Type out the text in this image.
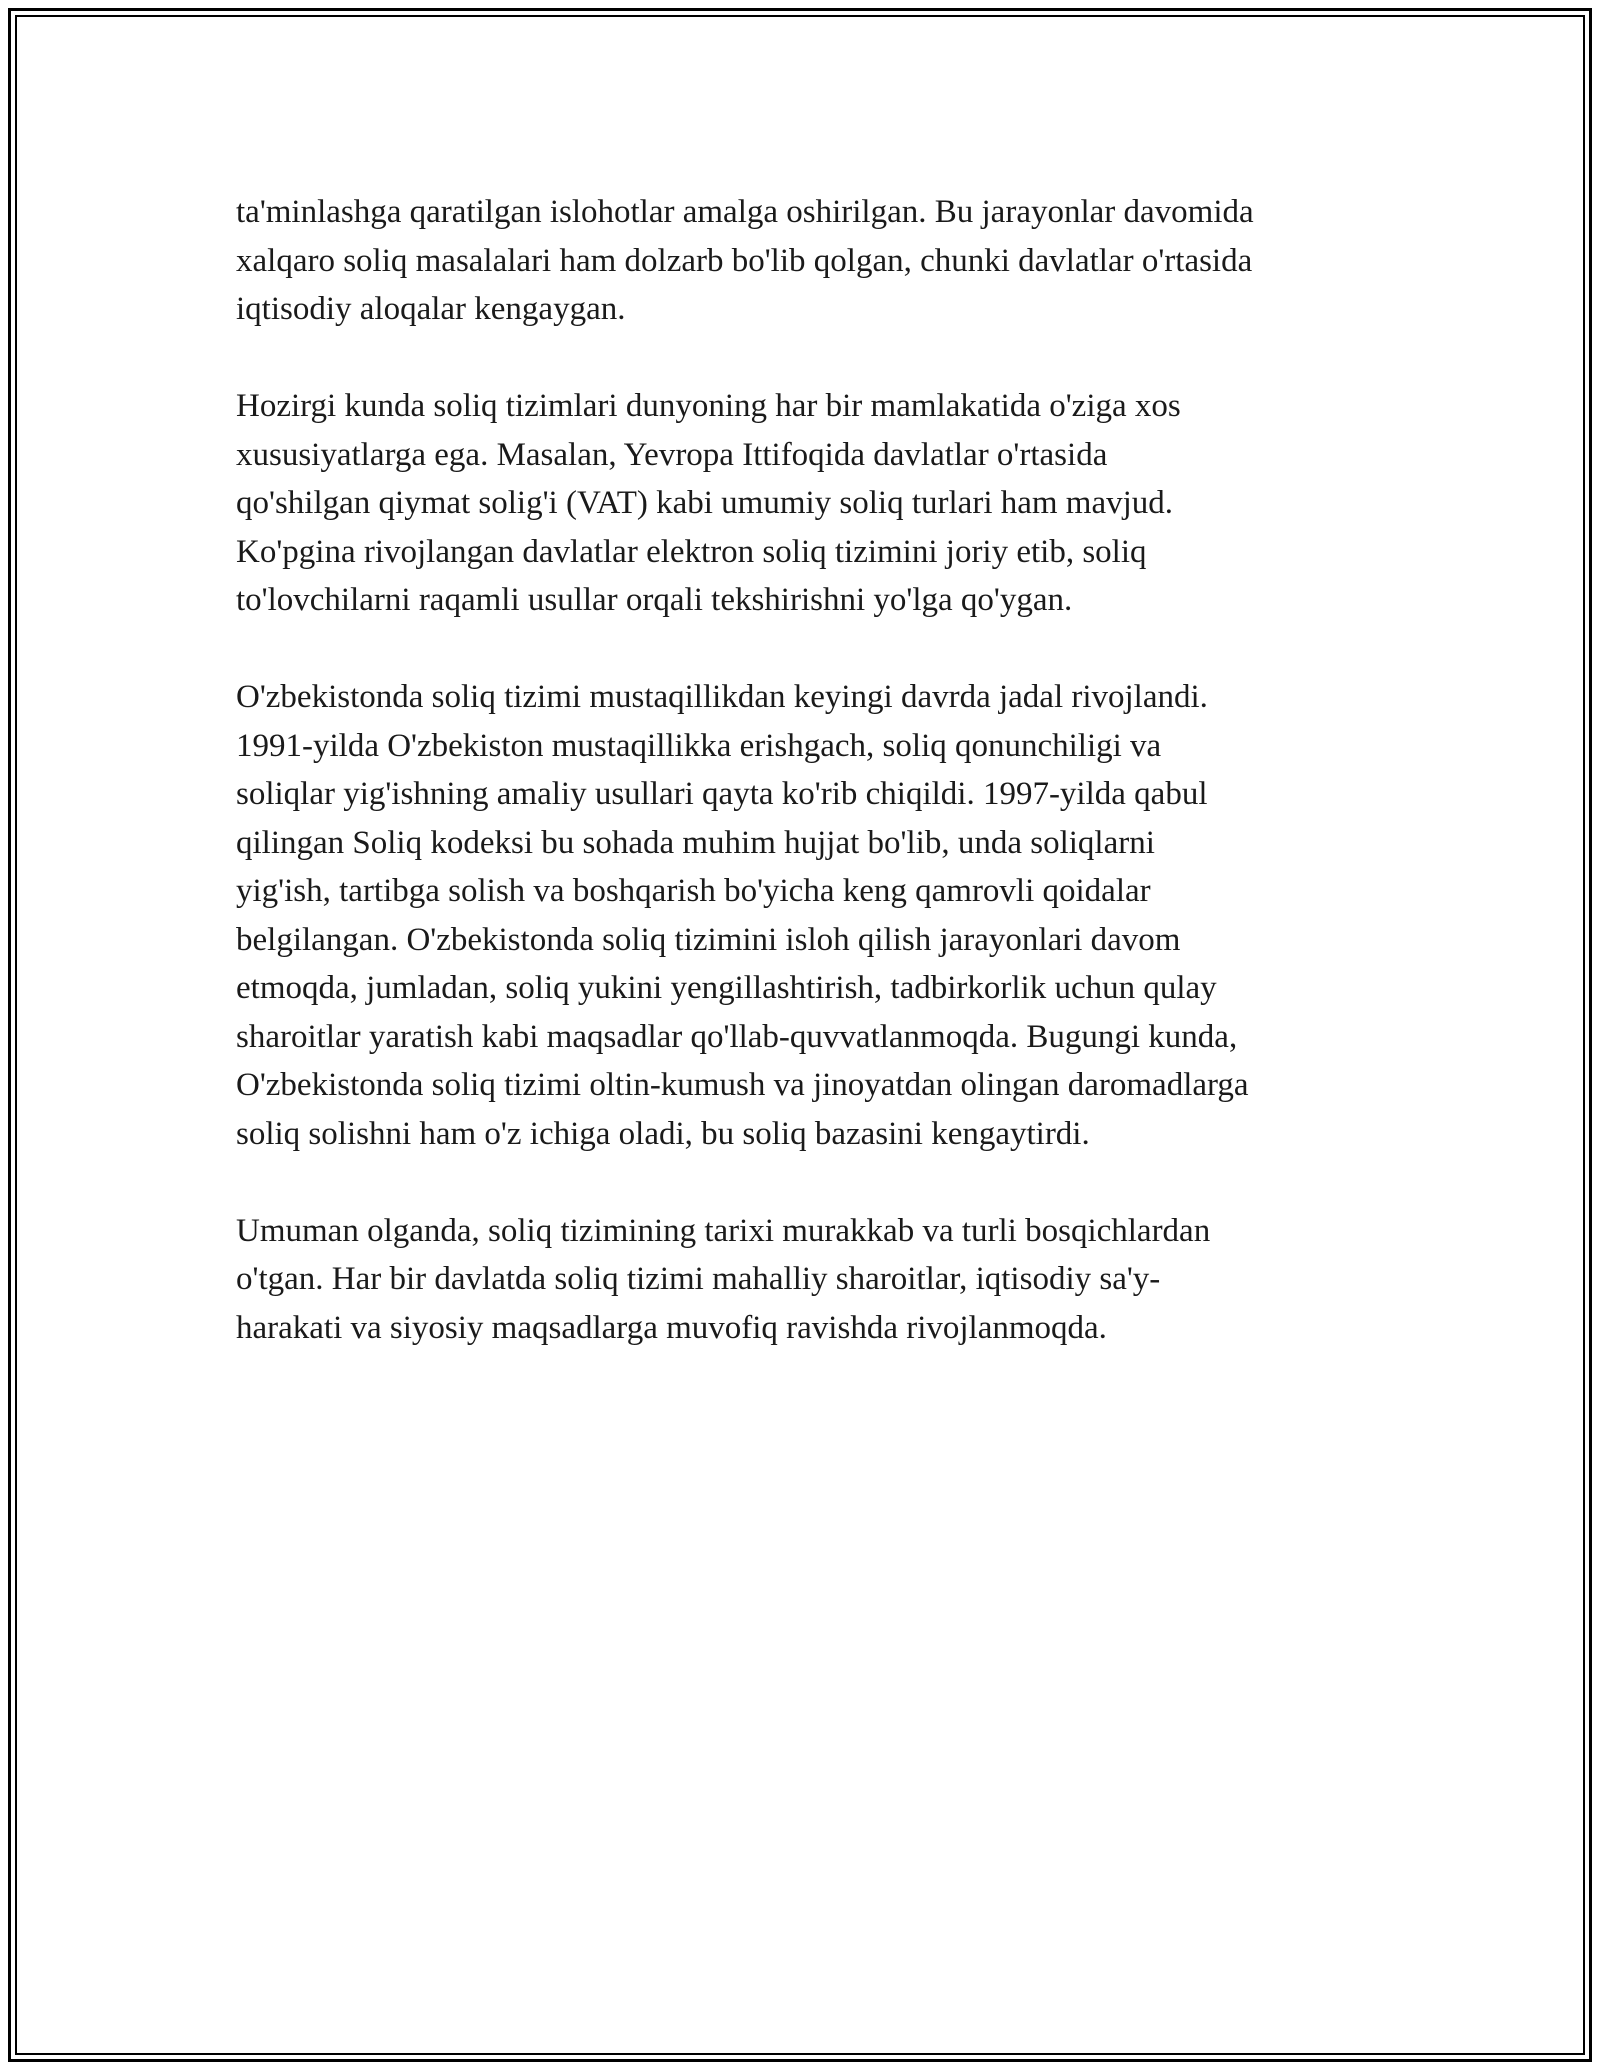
ta'minlashga qaratilgan islohotlar amalga oshirilgan. Bu jarayonlar davomida
xalqaro soliq masalalari ham dolzarb bo'lib qolgan, chunki davlatlar o'rtasida
iqtisodiy aloqalar kengaygan.

Hozirgi kunda soliq tizimlari dunyoning har bir mamlakatida o'ziga xos
xususiyatlarga ega. Masalan, Yevropa Ittifoqida davlatlar o'rtasida
qo'shilgan qiymat solig'i (VAT) kabi umumiy soliq turlari ham mavjud.
Ko'pgina rivojlangan davlatlar elektron soliq tizimini joriy etib, soliq
to'lovchilarni raqamli usullar orqali tekshirishni yo'lga qo'ygan.

O'zbekistonda soliq tizimi mustaqillikdan keyingi davrda jadal rivojlandi.
1991-yilda O'zbekiston mustaqillikka erishgach, soliq qonunchiligi va
soliqlar yig'ishning amaliy usullari qayta ko'rib chiqildi. 1997-yilda qabul
qilingan Soliq kodeksi bu sohada muhim hujjat bo'lib, unda soliqlarni
yig'ish, tartibga solish va boshqarish bo'yicha keng qamrovli qoidalar
belgilangan. O'zbekistonda soliq tizimini isloh qilish jarayonlari davom
etmoqda, jumladan, soliq yukini yengillashtirish, tadbirkorlik uchun qulay
sharoitlar yaratish kabi maqsadlar qo'llab-quvvatlanmoqda. Bugungi kunda,
O'zbekistonda soliq tizimi oltin-kumush va jinoyatdan olingan daromadlarga
soliq solishni ham o'z ichiga oladi, bu soliq bazasini kengaytirdi.

Umuman olganda, soliq tizimining tarixi murakkab va turli bosqichlardan
o'tgan. Har bir davlatda soliq tizimi mahalliy sharoitlar, iqtisodiy sa'y-
harakati va siyosiy maqsadlarga muvofiq ravishda rivojlanmoqda.
